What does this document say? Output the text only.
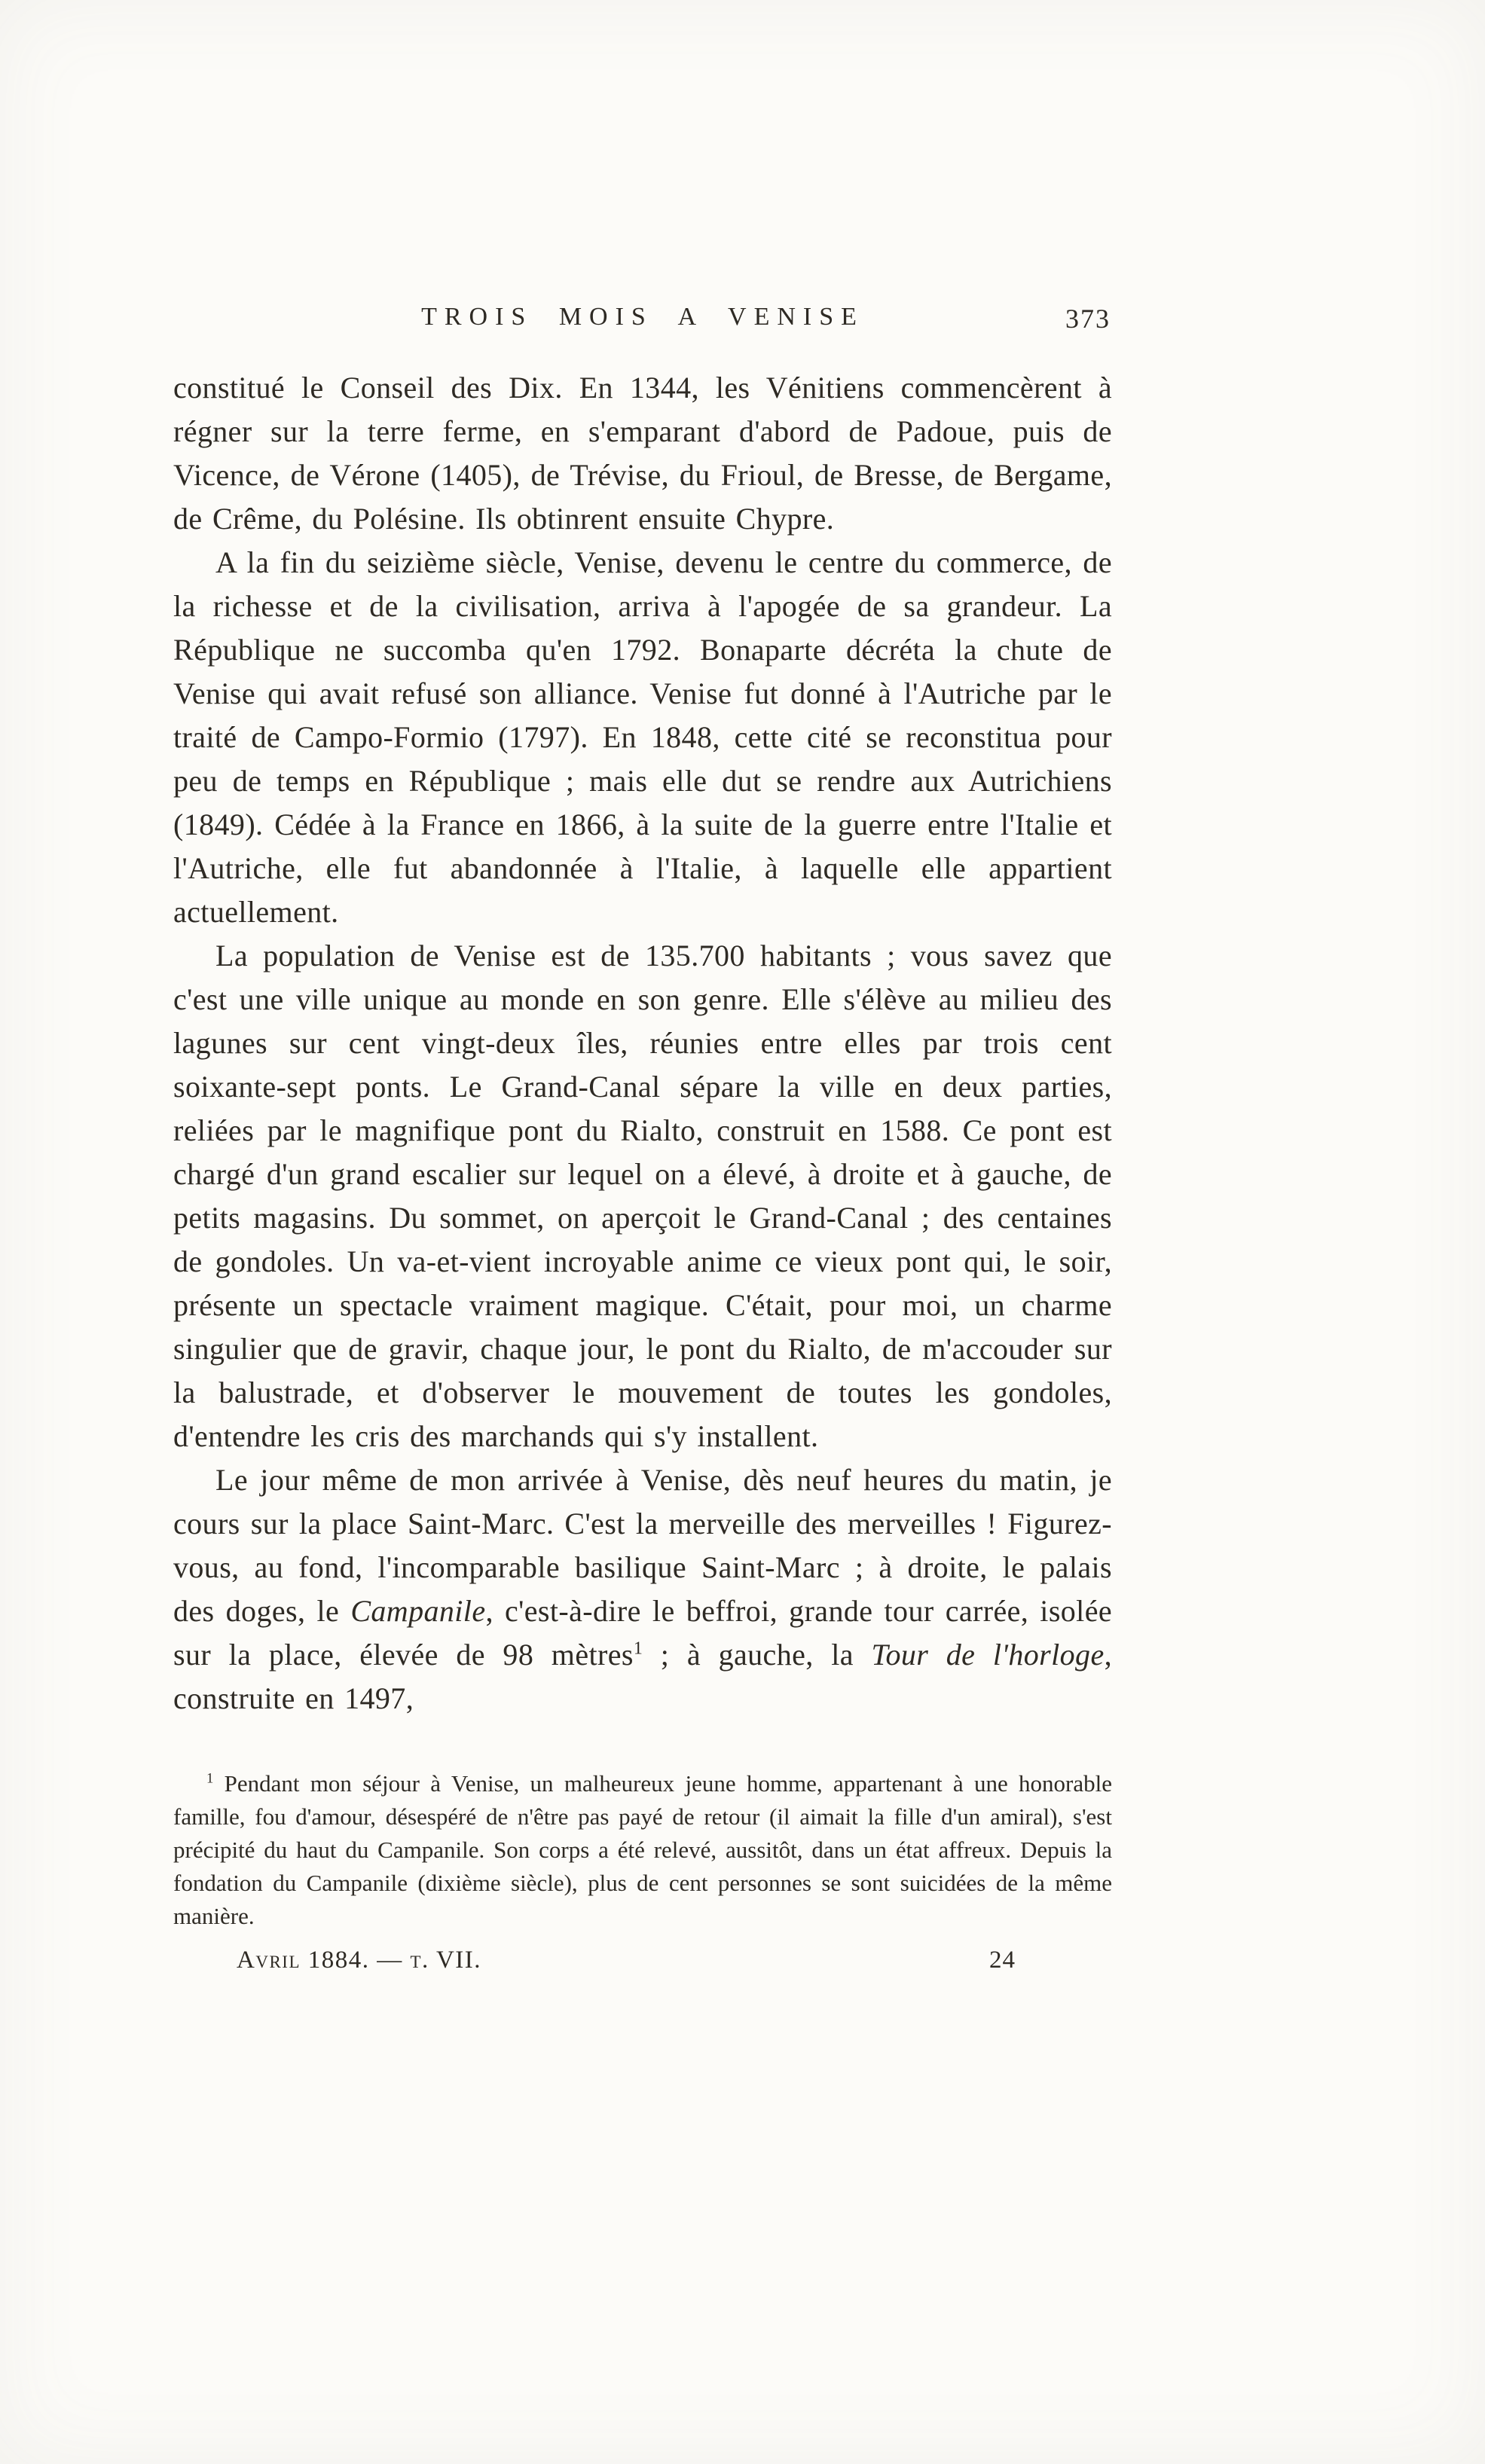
TROIS MOIS A VENISE	373

constitué le Conseil des Dix. En 1344, les Vénitiens commencèrent à régner sur la terre ferme, en s'emparant d'abord de Padoue, puis de Vicence, de Vérone (1405), de Trévise, du Frioul, de Bresse, de Bergame, de Crême, du Polésine. Ils obtinrent ensuite Chypre.

A la fin du seizième siècle, Venise, devenu le centre du commerce, de la richesse et de la civilisation, arriva à l'apogée de sa grandeur. La République ne succomba qu'en 1792. Bonaparte décréta la chute de Venise qui avait refusé son alliance. Venise fut donné à l'Autriche par le traité de Campo-Formio (1797). En 1848, cette cité se reconstitua pour peu de temps en République ; mais elle dut se rendre aux Autrichiens (1849). Cédée à la France en 1866, à la suite de la guerre entre l'Italie et l'Autriche, elle fut abandonnée à l'Italie, à laquelle elle appartient actuellement.

La population de Venise est de 135.700 habitants ; vous savez que c'est une ville unique au monde en son genre. Elle s'élève au milieu des lagunes sur cent vingt-deux îles, réunies entre elles par trois cent soixante-sept ponts. Le Grand-Canal sépare la ville en deux parties, reliées par le magnifique pont du Rialto, construit en 1588. Ce pont est chargé d'un grand escalier sur lequel on a élevé, à droite et à gauche, de petits magasins. Du sommet, on aperçoit le Grand-Canal ; des centaines de gondoles. Un va-et-vient incroyable anime ce vieux pont qui, le soir, présente un spectacle vraiment magique. C'était, pour moi, un charme singulier que de gravir, chaque jour, le pont du Rialto, de m'accouder sur la balustrade, et d'observer le mouvement de toutes les gondoles, d'entendre les cris des marchands qui s'y installent.

Le jour même de mon arrivée à Venise, dès neuf heures du matin, je cours sur la place Saint-Marc. C'est la merveille des merveilles ! Figurez-vous, au fond, l'incomparable basilique Saint-Marc ; à droite, le palais des doges, le Campanile, c'est-à-dire le beffroi, grande tour carrée, isolée sur la place, élevée de 98 mètres$^1$ ; à gauche, la Tour de l'horloge, construite en 1497,

$^1$ Pendant mon séjour à Venise, un malheureux jeune homme, appartenant à une honorable famille, fou d'amour, désespéré de n'être pas payé de retour (il aimait la fille d'un amiral), s'est précipité du haut du Campanile. Son corps a été relevé, aussitôt, dans un état affreux. Depuis la fondation du Campanile (dixième siècle), plus de cent personnes se sont suicidées de la même manière.

Avril 1884. — t. VII.	24
